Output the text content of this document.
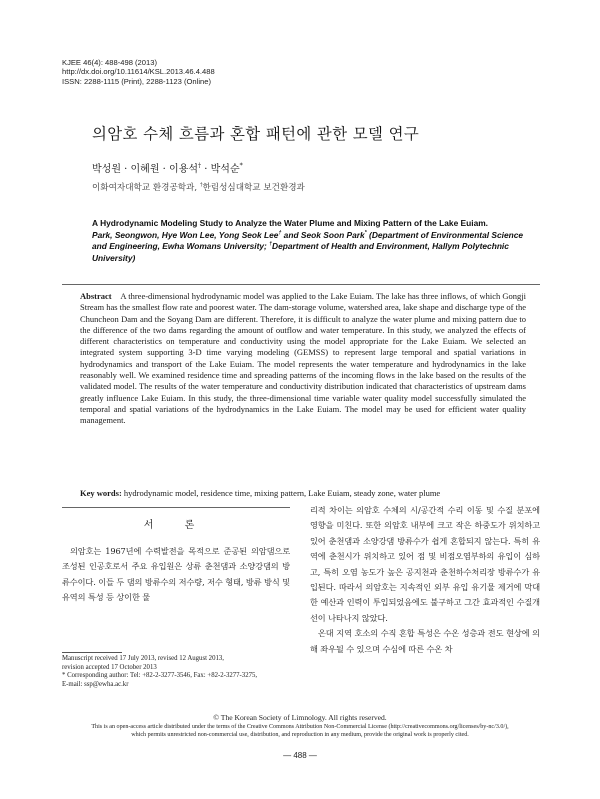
KJEE 46(4): 488-498 (2013)
http://dx.doi.org/10.11614/KSL.2013.46.4.488
ISSN: 2288-1115 (Print), 2288-1123 (Online)
의암호 수체 흐름과 혼합 패턴에 관한 모델 연구
박성원 · 이혜원 · 이용석† · 박석순*
이화여자대학교 환경공학과, †한림성심대학교 보건환경과
A Hydrodynamic Modeling Study to Analyze the Water Plume and Mixing Pattern of the Lake Euiam.
Park, Seongwon, Hye Won Lee, Yong Seok Lee† and Seok Soon Park* (Department of Environmental Science and Engineering, Ewha Womans University; †Department of Health and Environment, Hallym Polytechnic University)
Abstract A three-dimensional hydrodynamic model was applied to the Lake Euiam. The lake has three inflows, of which Gongji Stream has the smallest flow rate and poorest water. The dam-storage volume, watershed area, lake shape and discharge type of the Chuncheon Dam and the Soyang Dam are different. Therefore, it is difficult to analyze the water plume and mixing pattern due to the difference of the two dams regarding the amount of outflow and water temperature. In this study, we analyzed the effects of different characteristics on temperature and conductivity using the model appropriate for the Lake Euiam. We selected an integrated system supporting 3-D time varying modeling (GEMSS) to represent large temporal and spatial variations in hydrodynamics and transport of the Lake Euiam. The model represents the water temperature and hydrodynamics in the lake reasonably well. We examined residence time and spreading patterns of the incoming flows in the lake based on the results of the validated model. The results of the water temperature and conductivity distribution indicated that characteristics of upstream dams greatly influence Lake Euiam. In this study, the three-dimensional time variable water quality model successfully simulated the temporal and spatial variations of the hydrodynamics in the Lake Euiam. The model may be used for efficient water quality management.
Key words: hydrodynamic model, residence time, mixing pattern, Lake Euiam, steady zone, water plume
서 론

의암호는 1967년에 수력발전을 목적으로 준공된 의암댐으로 조성된 인공호로서 주요 유입원은 상류 춘천댐과 소양강댐의 방류수이다. 이들 두 댐의 방류수의 저수량, 저수 형태, 방류 방식 및 유역의 특성 등 상이한 물

리적 차이는 의암호 수체의 시/공간적 수리 이동 및 수질 분포에 영향을 미친다. 또한 의암호 내부에 크고 작은 하중도가 위치하고 있어 춘천댐과 소양강댐 방류수가 쉽게 혼합되지 않는다. 특히 유역에 춘천시가 위치하고 있어 점 및 비점오염부하의 유입이 심하고, 특히 오염 농도가 높은 공지천과 춘천하수처리장 방류수가 유입된다. 따라서 의암호는 지속적인 외부 유입 유기물 제거에 막대한 예산과 인력이 투입되었음에도 불구하고 그간 효과적인 수질개선이 나타나지 않았다.

온대 지역 호소의 수직 혼합 특성은 수온 성층과 전도 현상에 의해 좌우될 수 있으며 수심에 따른 수온 차

Manuscript received 17 July 2013, revised 12 August 2013,
revision accepted 17 October 2013
* Corresponding author: Tel: +82-2-3277-3546, Fax: +82-2-3277-3275,
E-mail: ssp@ewha.ac.kr
© The Korean Society of Limnology. All rights reserved.
This is an open-access article distributed under the terms of the Creative Commons Attribution Non-Commercial License (http://creativecommons.org/licenses/by-nc/3.0/),
which permits unrestricted non-commercial use, distribution, and reproduction in any medium, provide the original work is properly cited.
— 488 —
